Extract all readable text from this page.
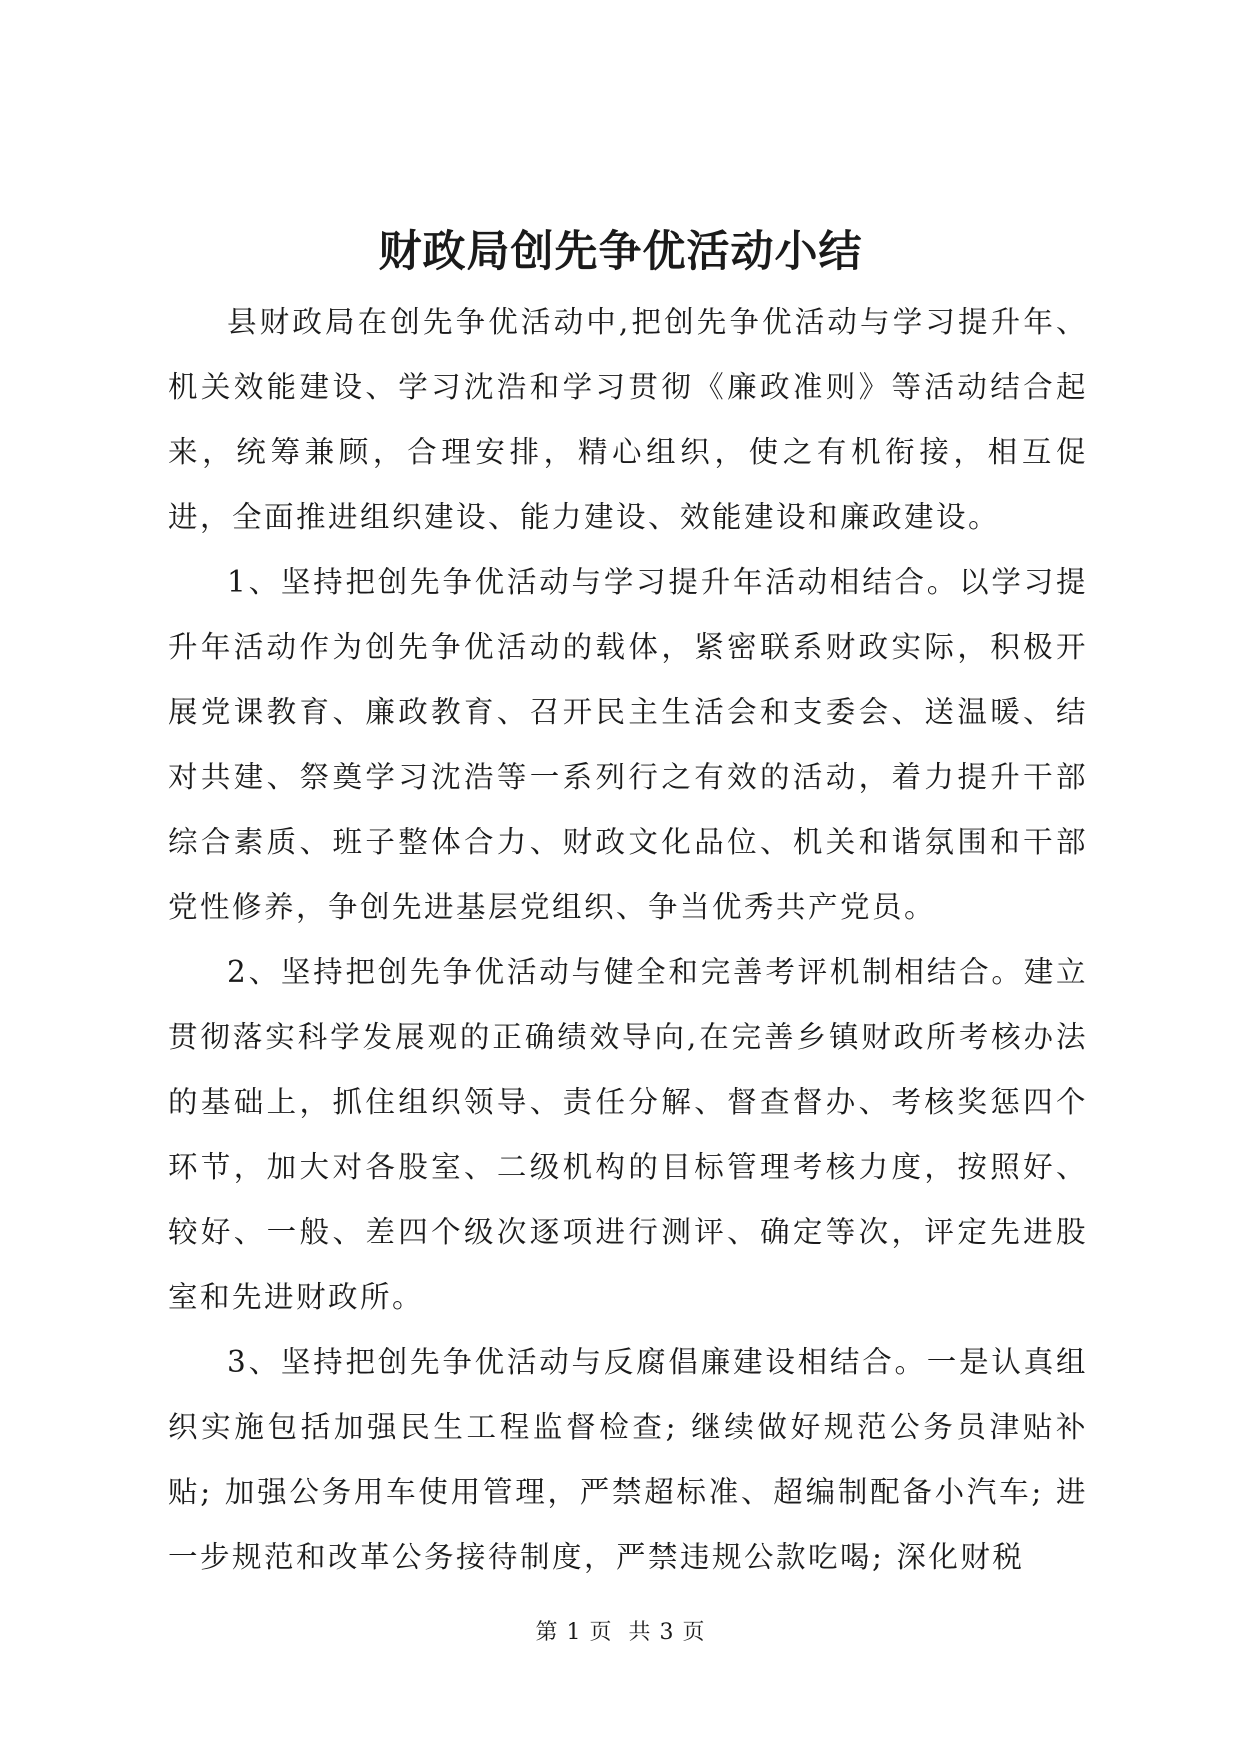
财政局创先争优活动小结

县财政局在创先争优活动中,把创先争优活动与学习提升年、机关效能建设、学习沈浩和学习贯彻《廉政准则》等活动结合起来，统筹兼顾，合理安排，精心组织，使之有机衔接，相互促进，全面推进组织建设、能力建设、效能建设和廉政建设。

1、坚持把创先争优活动与学习提升年活动相结合。以学习提升年活动作为创先争优活动的载体，紧密联系财政实际，积极开展党课教育、廉政教育、召开民主生活会和支委会、送温暖、结对共建、祭奠学习沈浩等一系列行之有效的活动，着力提升干部综合素质、班子整体合力、财政文化品位、机关和谐氛围和干部党性修养，争创先进基层党组织、争当优秀共产党员。

2、坚持把创先争优活动与健全和完善考评机制相结合。建立贯彻落实科学发展观的正确绩效导向,在完善乡镇财政所考核办法的基础上，抓住组织领导、责任分解、督查督办、考核奖惩四个环节，加大对各股室、二级机构的目标管理考核力度，按照好、较好、一般、差四个级次逐项进行测评、确定等次，评定先进股室和先进财政所。

3、坚持把创先争优活动与反腐倡廉建设相结合。一是认真组织实施包括加强民生工程监督检查; 继续做好规范公务员津贴补贴; 加强公务用车使用管理，严禁超标准、超编制配备小汽车; 进一步规范和改革公务接待制度，严禁违规公款吃喝; 深化财税

第 1 页 共 3 页
